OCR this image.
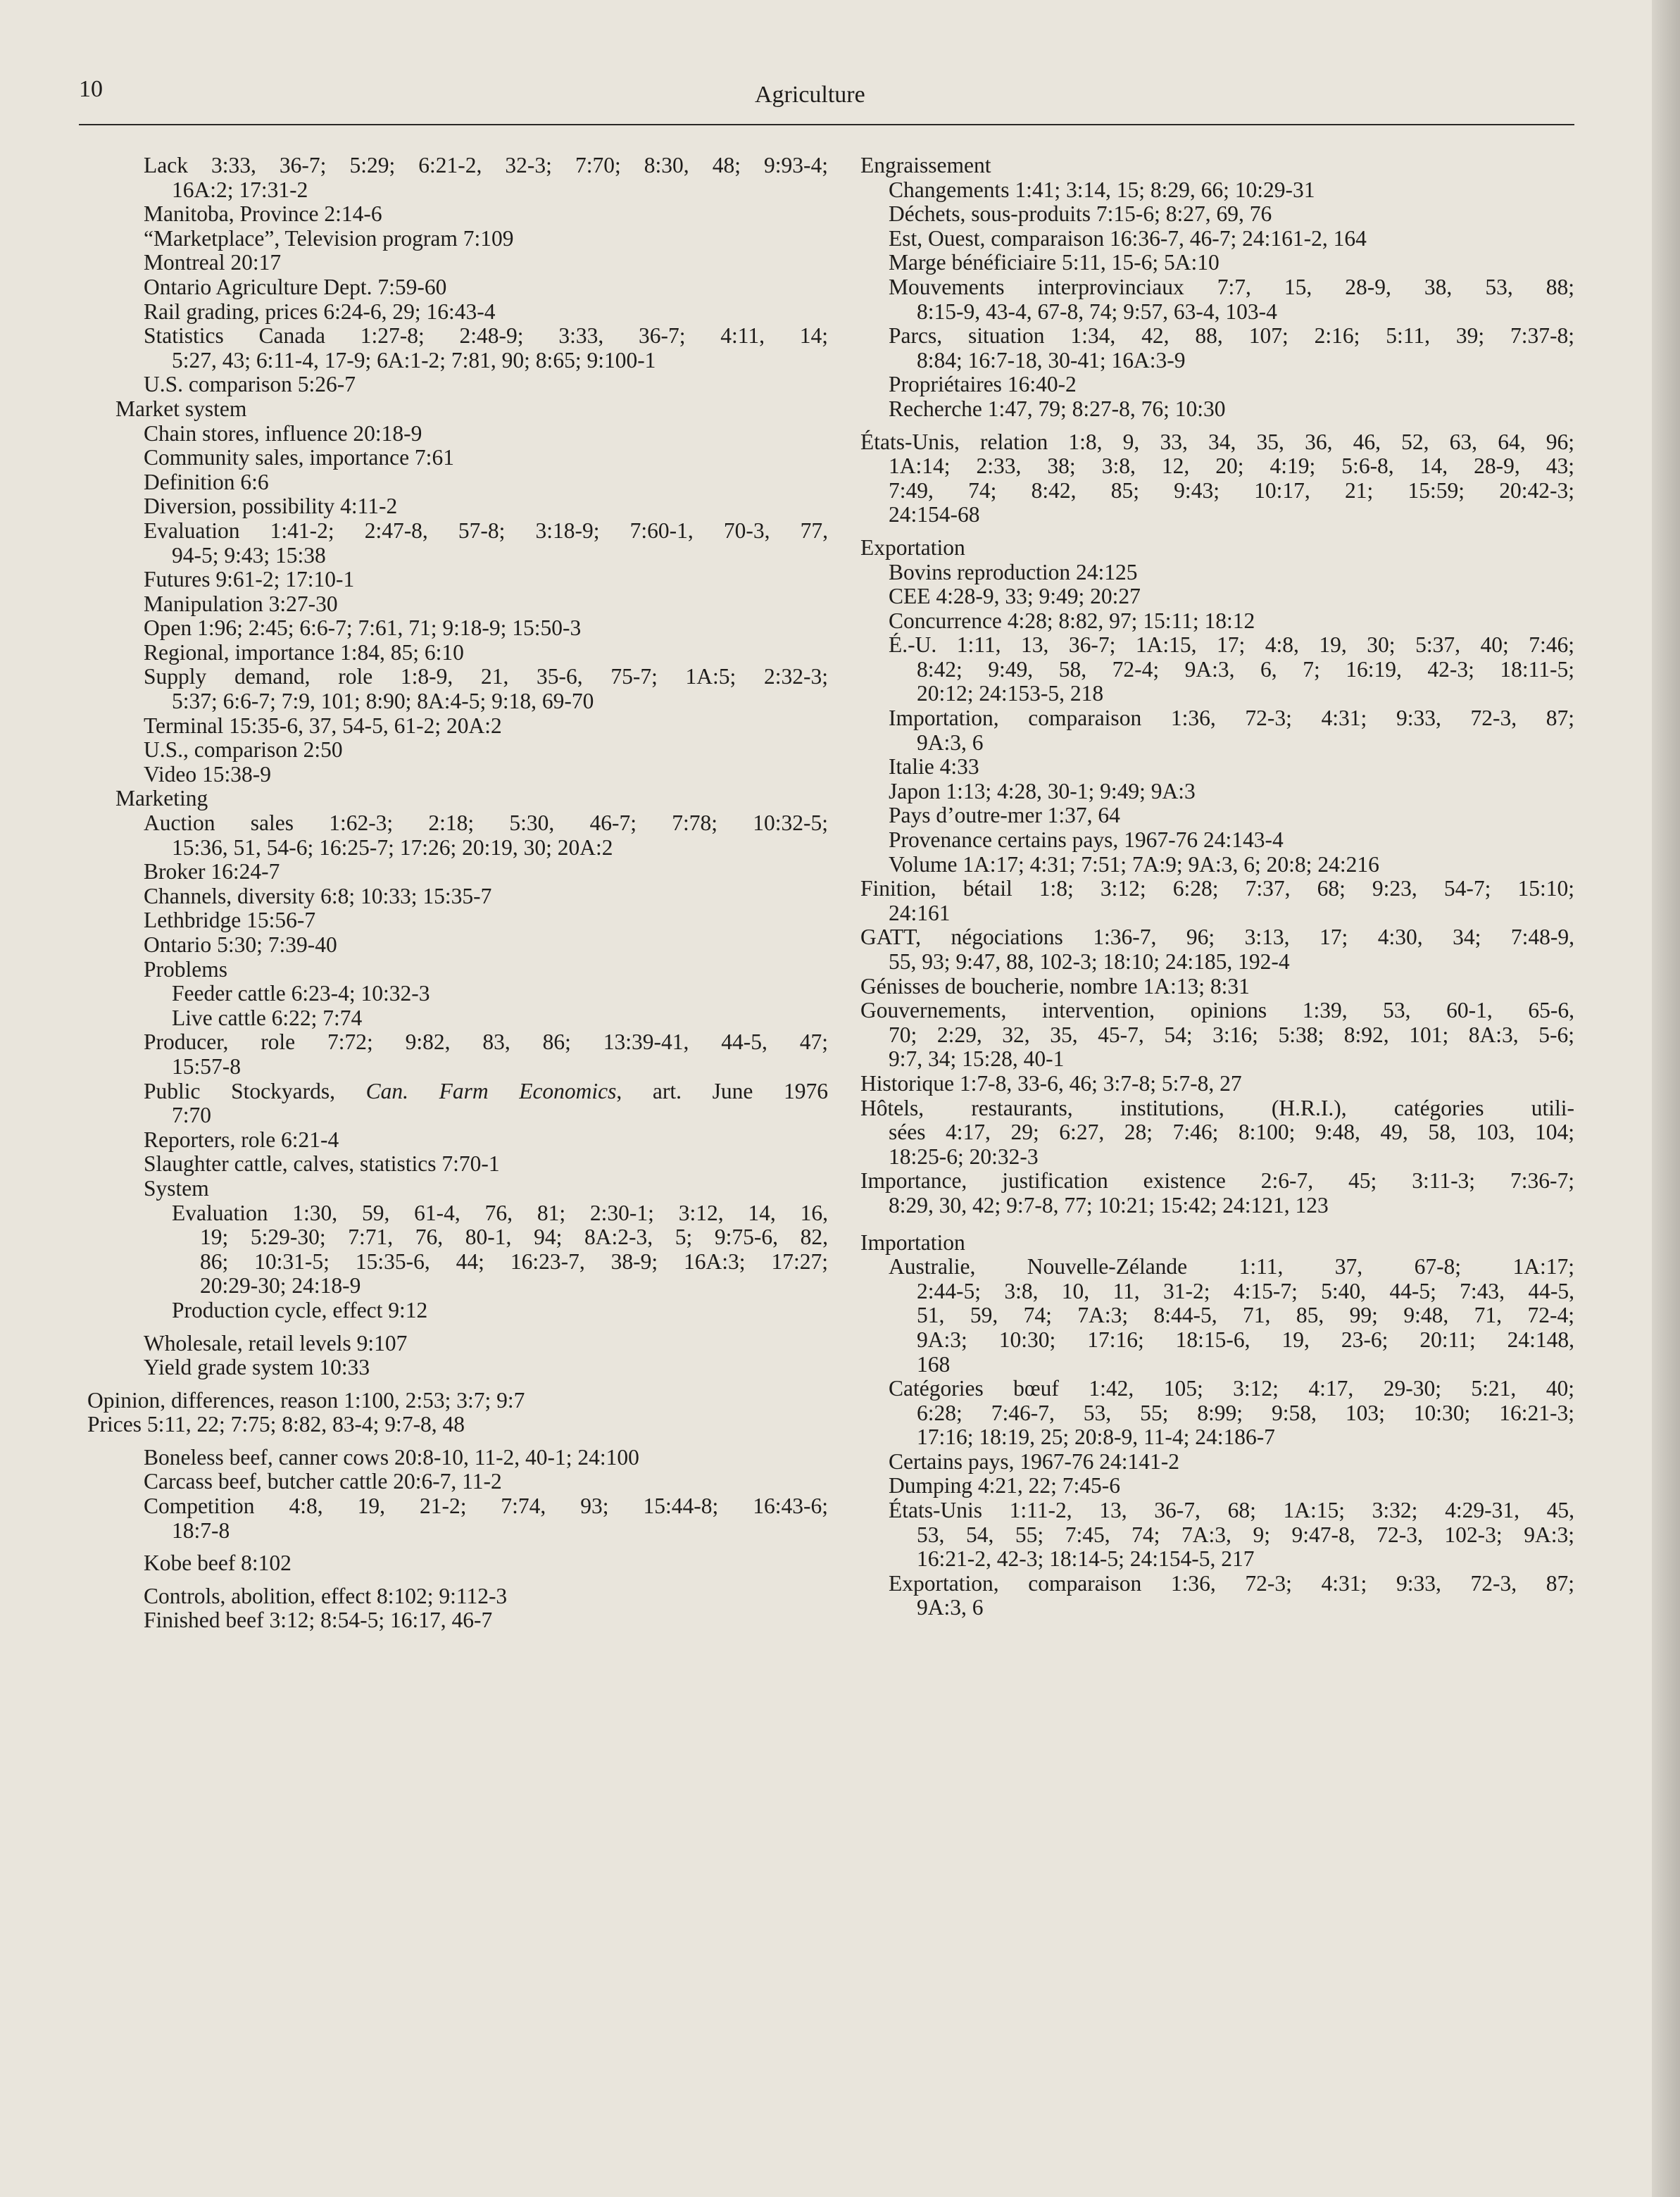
10	Agriculture
Lack 3:33, 36-7; 5:29; 6:21-2, 32-3; 7:70; 8:30, 48; 9:93-4;
16A:2; 17:31-2
Manitoba, Province 2:14-6
“Marketplace”, Television program 7:109
Montreal 20:17
Ontario Agriculture Dept. 7:59-60
Rail grading, prices 6:24-6, 29; 16:43-4
Statistics Canada 1:27-8; 2:48-9; 3:33, 36-7; 4:11, 14;
5:27, 43; 6:11-4, 17-9; 6A:1-2; 7:81, 90; 8:65; 9:100-1
U.S. comparison 5:26-7
Market system
Chain stores, influence 20:18-9
Community sales, importance 7:61
Definition 6:6
Diversion, possibility 4:11-2
Evaluation 1:41-2; 2:47-8, 57-8; 3:18-9; 7:60-1, 70-3, 77,
94-5; 9:43; 15:38
Futures 9:61-2; 17:10-1
Manipulation 3:27-30
Open 1:96; 2:45; 6:6-7; 7:61, 71; 9:18-9; 15:50-3
Regional, importance 1:84, 85; 6:10
Supply demand, role 1:8-9, 21, 35-6, 75-7; 1A:5; 2:32-3;
5:37; 6:6-7; 7:9, 101; 8:90; 8A:4-5; 9:18, 69-70
Terminal 15:35-6, 37, 54-5, 61-2; 20A:2
U.S., comparison 2:50
Video 15:38-9
Marketing
Auction sales 1:62-3; 2:18; 5:30, 46-7; 7:78; 10:32-5;
15:36, 51, 54-6; 16:25-7; 17:26; 20:19, 30; 20A:2
Broker 16:24-7
Channels, diversity 6:8; 10:33; 15:35-7
Lethbridge 15:56-7
Ontario 5:30; 7:39-40
Problems
Feeder cattle 6:23-4; 10:32-3
Live cattle 6:22; 7:74
Producer, role 7:72; 9:82, 83, 86; 13:39-41, 44-5, 47;
15:57-8
Public Stockyards, Can. Farm Economics, art. June 1976
7:70
Reporters, role 6:21-4
Slaughter cattle, calves, statistics 7:70-1
System
Evaluation 1:30, 59, 61-4, 76, 81; 2:30-1; 3:12, 14, 16,
19; 5:29-30; 7:71, 76, 80-1, 94; 8A:2-3, 5; 9:75-6, 82,
86; 10:31-5; 15:35-6, 44; 16:23-7, 38-9; 16A:3; 17:27;
20:29-30; 24:18-9
Production cycle, effect 9:12
Wholesale, retail levels 9:107
Yield grade system 10:33
Opinion, differences, reason 1:100, 2:53; 3:7; 9:7
Prices 5:11, 22; 7:75; 8:82, 83-4; 9:7-8, 48
Boneless beef, canner cows 20:8-10, 11-2, 40-1; 24:100
Carcass beef, butcher cattle 20:6-7, 11-2
Competition 4:8, 19, 21-2; 7:74, 93; 15:44-8; 16:43-6;
18:7-8
Kobe beef 8:102
Controls, abolition, effect 8:102; 9:112-3
Finished beef 3:12; 8:54-5; 16:17, 46-7
Engraissement
Changements 1:41; 3:14, 15; 8:29, 66; 10:29-31
Déchets, sous-produits 7:15-6; 8:27, 69, 76
Est, Ouest, comparaison 16:36-7, 46-7; 24:161-2, 164
Marge bénéficiaire 5:11, 15-6; 5A:10
Mouvements interprovinciaux 7:7, 15, 28-9, 38, 53, 88;
8:15-9, 43-4, 67-8, 74; 9:57, 63-4, 103-4
Parcs, situation 1:34, 42, 88, 107; 2:16; 5:11, 39; 7:37-8;
8:84; 16:7-18, 30-41; 16A:3-9
Propriétaires 16:40-2
Recherche 1:47, 79; 8:27-8, 76; 10:30
États-Unis, relation 1:8, 9, 33, 34, 35, 36, 46, 52, 63, 64, 96;
1A:14; 2:33, 38; 3:8, 12, 20; 4:19; 5:6-8, 14, 28-9, 43;
7:49, 74; 8:42, 85; 9:43; 10:17, 21; 15:59; 20:42-3;
24:154-68
Exportation
Bovins reproduction 24:125
CEE 4:28-9, 33; 9:49; 20:27
Concurrence 4:28; 8:82, 97; 15:11; 18:12
É.-U. 1:11, 13, 36-7; 1A:15, 17; 4:8, 19, 30; 5:37, 40; 7:46;
8:42; 9:49, 58, 72-4; 9A:3, 6, 7; 16:19, 42-3; 18:11-5;
20:12; 24:153-5, 218
Importation, comparaison 1:36, 72-3; 4:31; 9:33, 72-3, 87;
9A:3, 6
Italie 4:33
Japon 1:13; 4:28, 30-1; 9:49; 9A:3
Pays d’outre-mer 1:37, 64
Provenance certains pays, 1967-76 24:143-4
Volume 1A:17; 4:31; 7:51; 7A:9; 9A:3, 6; 20:8; 24:216
Finition, bétail 1:8; 3:12; 6:28; 7:37, 68; 9:23, 54-7; 15:10;
24:161
GATT, négociations 1:36-7, 96; 3:13, 17; 4:30, 34; 7:48-9,
55, 93; 9:47, 88, 102-3; 18:10; 24:185, 192-4
Génisses de boucherie, nombre 1A:13; 8:31
Gouvernements, intervention, opinions 1:39, 53, 60-1, 65-6,
70; 2:29, 32, 35, 45-7, 54; 3:16; 5:38; 8:92, 101; 8A:3, 5-6;
9:7, 34; 15:28, 40-1
Historique 1:7-8, 33-6, 46; 3:7-8; 5:7-8, 27
Hôtels, restaurants, institutions, (H.R.I.), catégories utili-
sées 4:17, 29; 6:27, 28; 7:46; 8:100; 9:48, 49, 58, 103, 104;
18:25-6; 20:32-3
Importance, justification existence 2:6-7, 45; 3:11-3; 7:36-7;
8:29, 30, 42; 9:7-8, 77; 10:21; 15:42; 24:121, 123
Importation
Australie, Nouvelle-Zélande 1:11, 37, 67-8; 1A:17;
2:44-5; 3:8, 10, 11, 31-2; 4:15-7; 5:40, 44-5; 7:43, 44-5,
51, 59, 74; 7A:3; 8:44-5, 71, 85, 99; 9:48, 71, 72-4;
9A:3; 10:30; 17:16; 18:15-6, 19, 23-6; 20:11; 24:148,
168
Catégories bœuf 1:42, 105; 3:12; 4:17, 29-30; 5:21, 40;
6:28; 7:46-7, 53, 55; 8:99; 9:58, 103; 10:30; 16:21-3;
17:16; 18:19, 25; 20:8-9, 11-4; 24:186-7
Certains pays, 1967-76 24:141-2
Dumping 4:21, 22; 7:45-6
États-Unis 1:11-2, 13, 36-7, 68; 1A:15; 3:32; 4:29-31, 45,
53, 54, 55; 7:45, 74; 7A:3, 9; 9:47-8, 72-3, 102-3; 9A:3;
16:21-2, 42-3; 18:14-5; 24:154-5, 217
Exportation, comparaison 1:36, 72-3; 4:31; 9:33, 72-3, 87;
9A:3, 6
